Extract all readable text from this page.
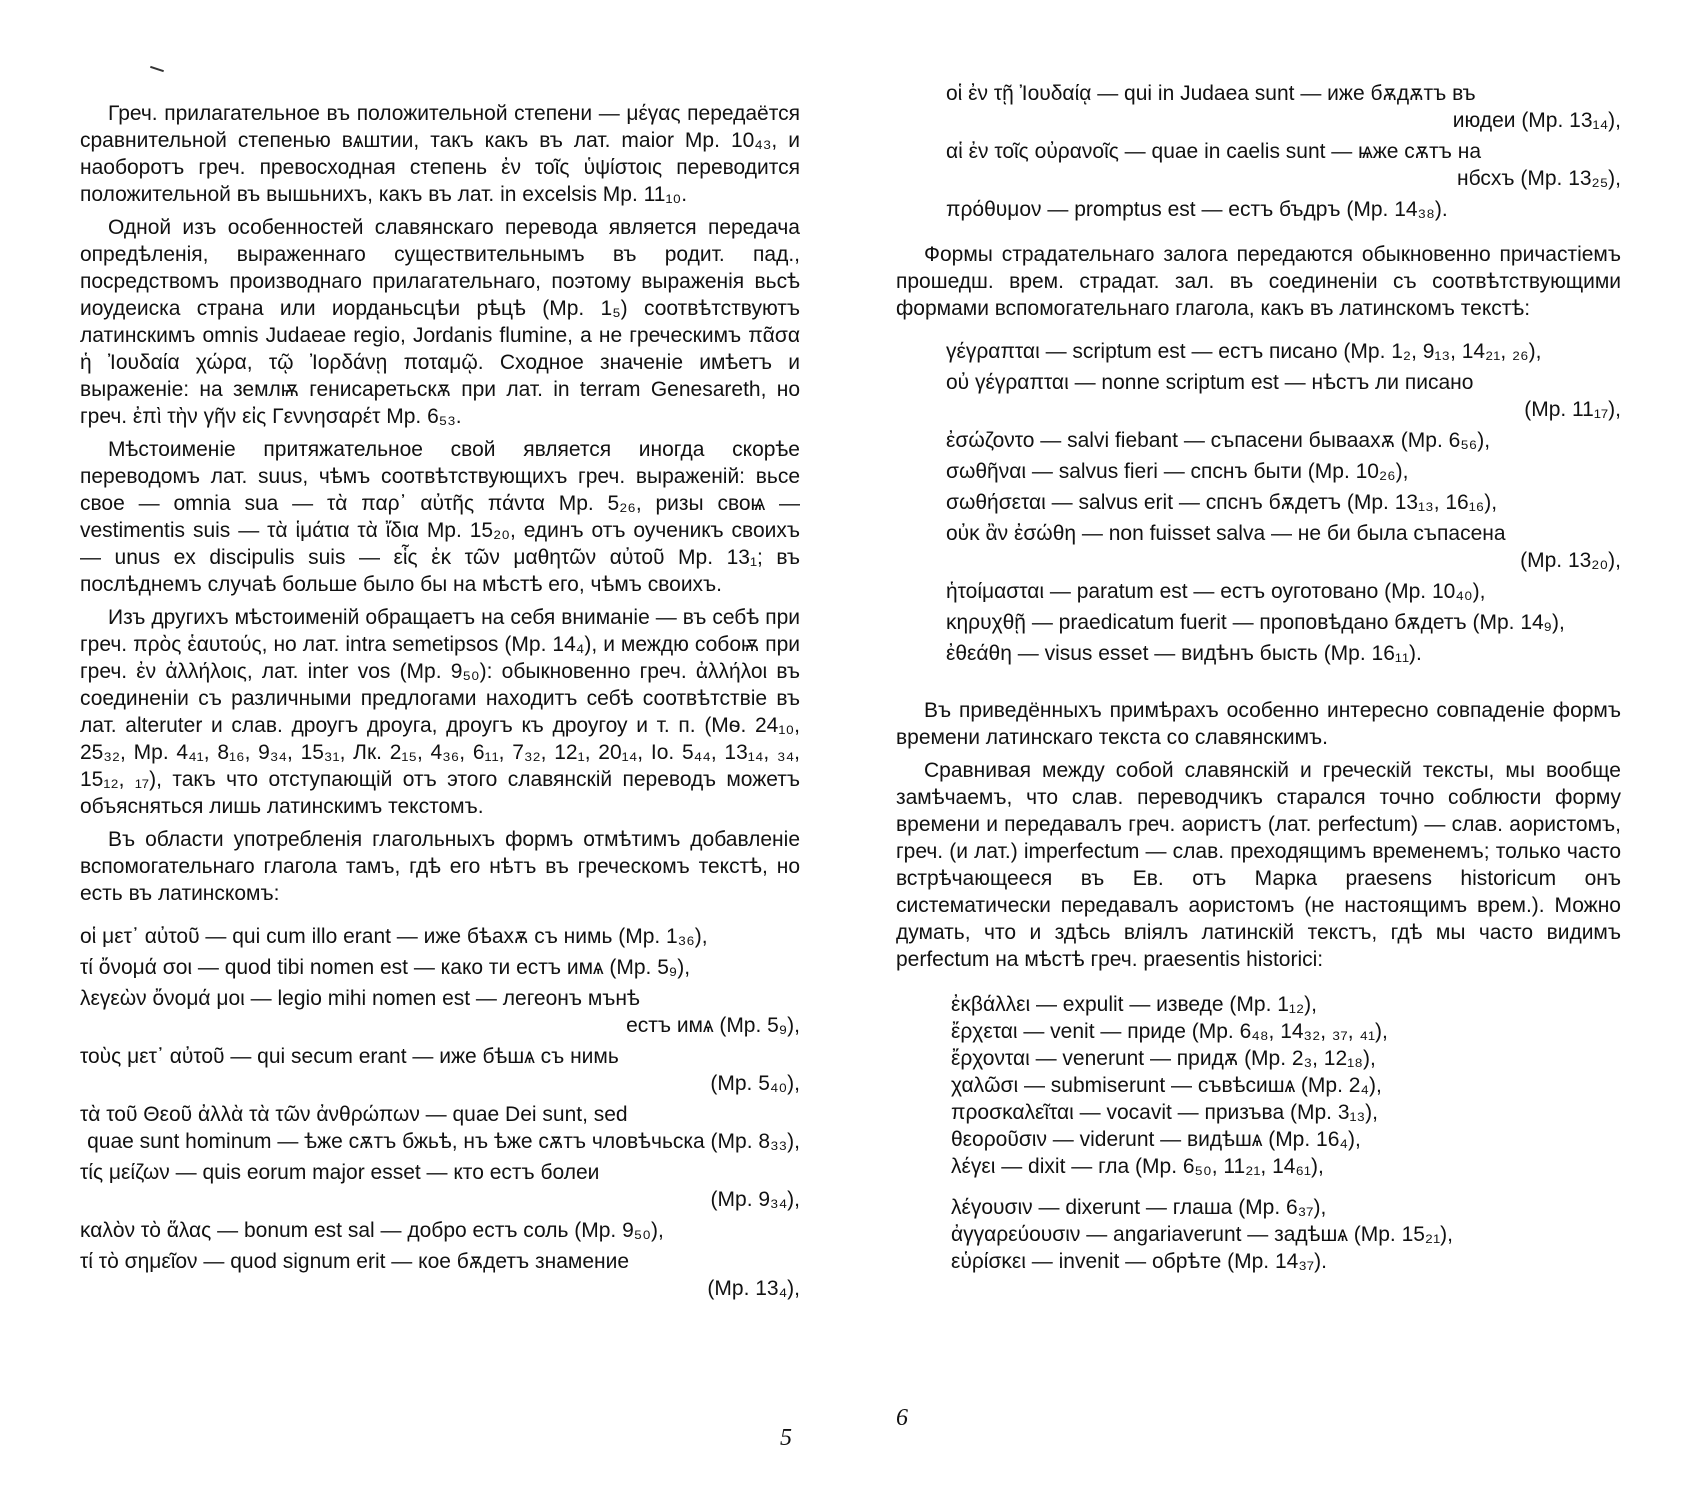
Греч. прилагательное въ положительной степени — μέγας передаётся сравнительной степенью вѧштии, такъ какъ въ лат. maior Мр. 10₄₃, и наоборотъ греч. превосходная степень ἐν τοῖς ὑψίστοις переводится положительной въ вышьнихъ, какъ въ лат. in excelsis Мр. 11₁₀.

Одной изъ особенностей славянскаго перевода является передача опредѣленія, выраженнаго существительнымъ въ родит. пад., посредствомъ производнаго прилагательнаго, поэтому выраженія вьсѣ иоудеиска страна или иорданьсцѣи рѣцѣ (Мр. 1₅) соотвѣтствуютъ латинскимъ omnis Judaeae regio, Jordanis flumine, а не греческимъ πᾶσα ἡ Ἰουδαία χώρα, τῷ Ἰορδάνῃ ποταμῷ. Сходное значеніе имѣетъ и выраженіе: на землѭ генисаретьскѫ при лат. in terram Genesareth, но греч. ἐπὶ τὴν γῆν εἰς Γεννησαρέτ Мр. 6₅₃.

Мѣстоименіе притяжательное свой является иногда скорѣе переводомъ лат. suus, чѣмъ соотвѣтствующихъ греч. выраженій: вьсе свое — omnia sua — τὰ παρ᾽ αὐτῆς πάντα Мр. 5₂₆, ризы своѩ — vestimentis suis — τὰ ἱμάτια τὰ ἴδια Мр. 15₂₀, единъ отъ оученикъ своихъ — unus ex discipulis suis — εἷς ἐκ τῶν μαθητῶν αὐτοῦ Мр. 13₁; въ послѣднемъ случаѣ больше было бы на мѣстѣ его, чѣмъ своихъ.

Изъ другихъ мѣстоименій обращаетъ на себя вниманіе — въ себѣ при греч. πρὸς ἑαυτούς, но лат. intra semetipsos (Мр. 14₄), и междю собоѭ при греч. ἐν ἀλλήλοις, лат. inter vos (Мр. 9₅₀): обыкновенно греч. ἀλλήλοι въ соединеніи съ различными предлогами находитъ себѣ соотвѣтствіе въ лат. alteruter и слав. дроугъ дроуга, дроугъ къ дроугоу и т. п. (Мѳ. 24₁₀, 25₃₂, Мр. 4₄₁, 8₁₆, 9₃₄, 15₃₁, Лк. 2₁₅, 4₃₆, 6₁₁, 7₃₂, 12₁, 20₁₄, Іо. 5₄₄, 13₁₄, ₃₄, 15₁₂, ₁₇), такъ что отступающій отъ этого славянскій переводъ можетъ объясняться лишь латинскимъ текстомъ.

Въ области употребленія глагольныхъ формъ отмѣтимъ добавленіе вспомогательнаго глагола тамъ, гдѣ его нѣтъ въ греческомъ текстѣ, но есть въ латинскомъ:

οἱ μετ᾽ αὐτοῦ — qui cum illo erant — иже бѣахѫ съ нимь (Мр. 1₃₆),
τί ὄνομά σοι — quod tibi nomen est — како ти естъ имѧ (Мр. 5₉),
λεγεὼν ὄνομά μοι — legio mihi nomen est — легеонъ мънѣ
естъ имѧ (Мр. 5₉),
τοὺς μετ᾽ αὐτοῦ — qui secum erant — иже бѣшѧ съ нимь
(Мр. 5₄₀),
τὰ τοῦ Θεοῦ ἀλλὰ τὰ τῶν ἀνθρώπων — quae Dei sunt, sed
quae sunt hominum — ѣже сѫтъ бжьѣ, нъ ѣже сѫтъ чловѣчьска (Мр. 8₃₃),
τίς μείζων — quis eorum major esset — кто естъ болеи
(Мр. 9₃₄),
καλὸν τὸ ἅλας — bonum est sal — добро естъ соль (Мр. 9₅₀),
τί τὸ σημεῖον — quod signum erit — кое бѫдетъ знамение
(Мр. 13₄),
5
οἱ ἐν τῇ Ἰουδαίᾳ — qui in Judaea sunt — иже бѫдѫтъ въ
июдеи (Мр. 13₁₄),
αἱ ἐν τοῖς οὐρανοῖς — quae in caelis sunt — ѩже сѫтъ на
нбсхъ (Мр. 13₂₅),
πρόθυμον — promptus est — естъ бъдръ (Мр. 14₃₈).

Формы страдательнаго залога передаются обыкновенно причастіемъ прошедш. врем. страдат. зал. въ соединеніи съ соотвѣтствующими формами вспомогательнаго глагола, какъ въ латинскомъ текстѣ:

γέγραπται — scriptum est — естъ писано (Мр. 1₂, 9₁₃, 14₂₁, ₂₆),
οὐ γέγραπται — nonne scriptum est — нѣстъ ли писано
(Мр. 11₁₇),
ἐσώζοντο — salvi fiebant — съпасени бываахѫ (Мр. 6₅₆),
σωθῆναι — salvus fieri — спснъ быти (Мр. 10₂₆),
σωθήσεται — salvus erit — спснъ бѫдетъ (Мр. 13₁₃, 16₁₆),
οὐκ ἂν ἐσώθη — non fuisset salva — не би была съпасена
(Мр. 13₂₀),
ἡτοίμασται — paratum est — естъ оуготовано (Мр. 10₄₀),
κηρυχθῇ — praedicatum fuerit — проповѣдано бѫдетъ (Мр. 14₉),
ἐθεάθη — visus esset — видѣнъ бысть (Мр. 16₁₁).

Въ приведённыхъ примѣрахъ особенно интересно совпаденіе формъ времени латинскаго текста со славянскимъ.

Сравнивая между собой славянскій и греческій тексты, мы вообще замѣчаемъ, что слав. переводчикъ старался точно соблюсти форму времени и передавалъ греч. аористъ (лат. perfectum) — слав. аористомъ, греч. (и лат.) imperfectum — слав. преходящимъ временемъ; только часто встрѣчающееся въ Ев. отъ Марка praesens historicum онъ систематически передавалъ аористомъ (не настоящимъ врем.). Можно думать, что и здѣсь вліялъ латинскій текстъ, гдѣ мы часто видимъ perfectum на мѣстѣ греч. praesentis historici:

ἐκβάλλει — expulit — изведе (Мр. 1₁₂),
ἔρχεται — venit — приде (Мр. 6₄₈, 14₃₂, ₃₇, ₄₁),
ἔρχονται — venerunt — придѫ (Мр. 2₃, 12₁₈),
χαλῶσι — submiserunt — съвѣсишѧ (Мр. 2₄),
προσκαλεῖται — vocavit — призъва (Мр. 3₁₃),
θεοροῦσιν — viderunt — видѣшѧ (Мр. 16₄),
λέγει — dixit — гла (Мр. 6₅₀, 11₂₁, 14₆₁),
λέγουσιν — dixerunt — глаша (Мр. 6₃₇),
ἀγγαρεύουσιν — angariaverunt — задѣшѧ (Мр. 15₂₁),
εὑρίσκει — invenit — обрѣте (Мр. 14₃₇).
6
